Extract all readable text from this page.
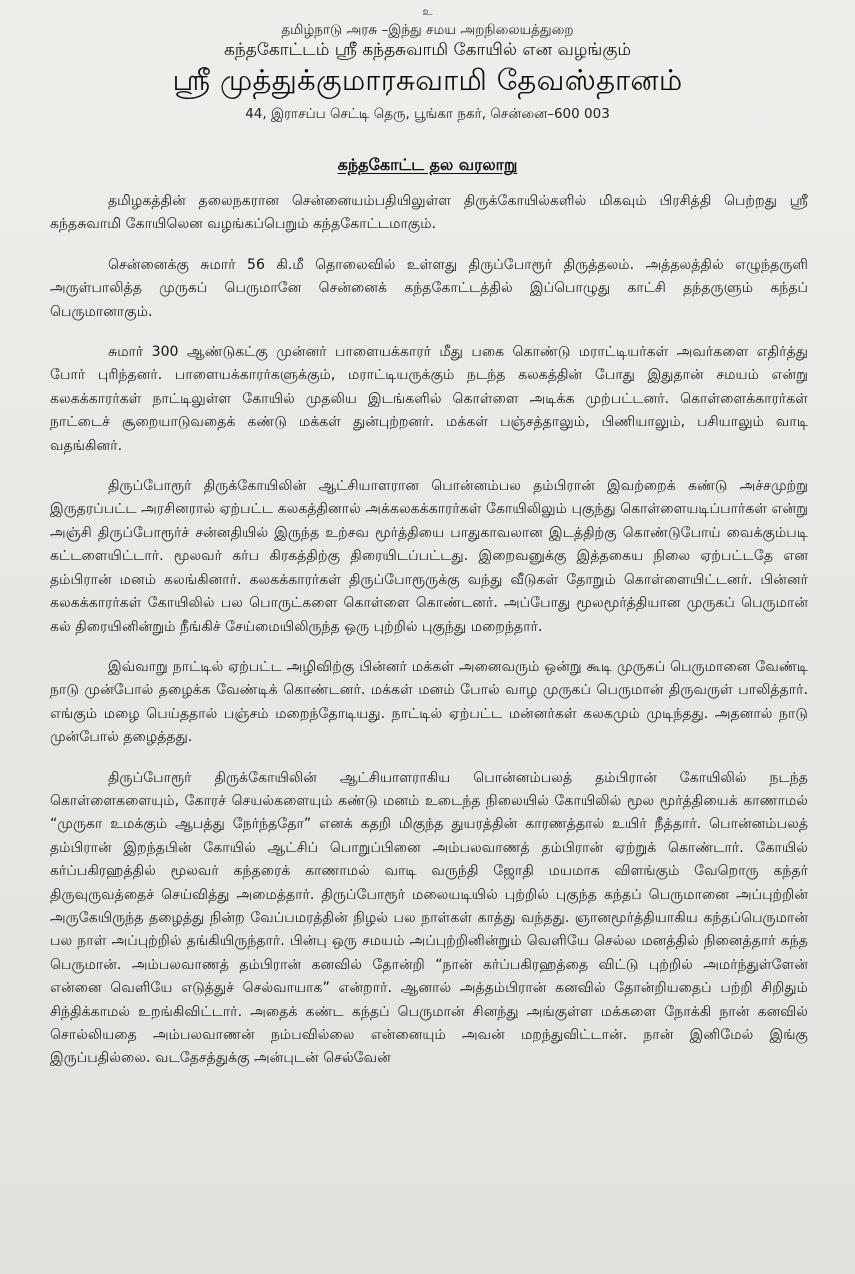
உ
தமிழ்நாடு அரசு –இந்து சமய அறநிலையத்துறை
கந்தகோட்டம் ஸ்ரீ கந்தசுவாமி கோயில் என வழங்கும்
ஸ்ரீ முத்துக்குமாரசுவாமி தேவஸ்தானம்
44, இராசப்ப செட்டி தெரு, பூங்கா நகர், சென்னை–600 003
கந்தகோட்ட தல வரலாறு

தமிழகத்தின் தலைநகரான சென்னையம்பதியிலுள்ள திருக்கோயில்களில் மிகவும் பிரசித்தி பெற்றது ஸ்ரீ கந்தசுவாமி கோயிலென வழங்கப்பெறும் கந்தகோட்டமாகும்.

சென்னைக்கு சுமார் 56 கி.மீ தொலைவில் உள்ளது திருப்போரூர் திருத்தலம். அத்தலத்தில் எழுந்தருளி அருள்பாலித்த முருகப் பெருமானே சென்னைக் கந்தகோட்டத்தில் இப்பொழுது காட்சி தந்தருளும் கந்தப் பெருமானாகும்.

சுமார் 300 ஆண்டுகட்கு முன்னர் பாளையக்காரர் மீது பகை கொண்டு மராட்டியர்கள் அவர்களை எதிர்த்து போர் புரிந்தனர். பாளையக்காரர்களுக்கும், மராட்டியருக்கும் நடந்த கலகத்தின் போது இதுதான் சமயம் என்று கலகக்காரர்கள் நாட்டிலுள்ள கோயில் முதலிய இடங்களில் கொள்ளை அடிக்க முற்பட்டனர். கொள்ளைக்காரர்கள் நாட்டைச் சூறையாடுவதைக் கண்டு மக்கள் துன்புற்றனர். மக்கள் பஞ்சத்தாலும், பிணியாலும், பசியாலும் வாடி வதங்கினர்.

திருப்போரூர் திருக்கோயிலின் ஆட்சியாளரான பொன்னம்பல தம்பிரான் இவற்றைக் கண்டு அச்சமுற்று இருதரப்பட்ட அரசினரால் ஏற்பட்ட கலகத்தினால் அக்கலகக்காரர்கள் கோயிலிலும் புகுந்து கொள்ளையடிப்பார்கள் என்று அஞ்சி திருப்போரூர்ச் சன்னதியில் இருந்த உற்சவ மூர்த்தியை பாதுகாவலான இடத்திற்கு கொண்டுபோய் வைக்கும்படி கட்டளையிட்டார். மூலவர் கர்ப கிரகத்திற்கு திரையிடப்பட்டது. இறைவனுக்கு இத்தகைய நிலை ஏற்பட்டதே என தம்பிரான் மனம் கலங்கினார். கலகக்காரர்கள் திருப்போரூருக்கு வந்து வீடுகள் தோறும் கொள்ளையிட்டனர். பின்னர் கலகக்காரர்கள் கோயிலில் பல பொருட்களை கொள்ளை கொண்டனர். அப்போது மூலமூர்த்தியான முருகப் பெருமான் கல் திரையினின்றும் நீங்கிச் சேய்மையிலிருந்த ஒரு புற்றில் புகுந்து மறைந்தார்.

இவ்வாறு நாட்டில் ஏற்பட்ட அழிவிற்கு பின்னர் மக்கள் அனைவரும் ஒன்று கூடி முருகப் பெருமானை வேண்டி நாடு முன்போல் தழைக்க வேண்டிக் கொண்டனர். மக்கள் மனம் போல் வாழ முருகப் பெருமான் திருவருள் பாலித்தார். எங்கும் மழை பெய்ததால் பஞ்சம் மறைந்தோடியது. நாட்டில் ஏற்பட்ட மன்னர்கள் கலகமும் முடிந்தது. அதனால் நாடு முன்போல் தழைத்தது.

திருப்போரூர் திருக்கோயிலின் ஆட்சியாளராகிய பொன்னம்பலத் தம்பிரான் கோயிலில் நடந்த கொள்ளைகளையும், கோரச் செயல்களையும் கண்டு மனம் உடைந்த நிலையில் கோயிலில் மூல மூர்த்தியைக் காணாமல் “முருகா உமக்கும் ஆபத்து நேர்ந்ததோ” எனக் கதறி மிகுந்த துயரத்தின் காரணத்தால் உயிர் நீத்தார். பொன்னம்பலத் தம்பிரான் இறந்தபின் கோயில் ஆட்சிப் பொறுப்பினை அம்பலவாணத் தம்பிரான் ஏற்றுக் கொண்டார். கோயில் கர்ப்பகிரஹத்தில் மூலவர் கந்தரைக் காணாமல் வாடி வருந்தி ஜோதி மயமாக விளங்கும் வேறொரு கந்தர் திருவுருவத்தைச் செய்வித்து அமைத்தார். திருப்போரூர் மலையடியில் புற்றில் புகுந்த கந்தப் பெருமானை அப்புற்றின் அருகேயிருந்த தழைத்து நின்ற வேப்பமரத்தின் நிழல் பல நாள்கள் காத்து வந்தது. ஞானமூர்த்தியாகிய கந்தப்பெருமான் பல நாள் அப்புற்றில் தங்கியிருந்தார். பின்பு ஒரு சமயம் அப்புற்றினின்றும் வெளியே செல்ல மனத்தில் நினைத்தார் கந்த பெருமான். அம்பலவாணத் தம்பிரான் கனவில் தோன்றி “நான் கர்ப்பகிரஹத்தை விட்டு புற்றில் அமர்ந்துள்ளேன் என்னை வெளியே எடுத்துச் செல்வாயாக” என்றார். ஆனால் அத்தம்பிரான் கனவில் தோன்றியதைப் பற்றி சிறிதும் சிந்திக்காமல் உறங்கிவிட்டார். அதைக் கண்ட கந்தப் பெருமான் சினந்து அங்குள்ள மக்களை நோக்கி நான் கனவில் சொல்லியதை அம்பலவாணன் நம்பவில்லை என்னையும் அவன் மறந்துவிட்டான். நான் இனிமேல் இங்கு இருப்பதில்லை. வடதேசத்துக்கு அன்புடன் செல்வேன்
